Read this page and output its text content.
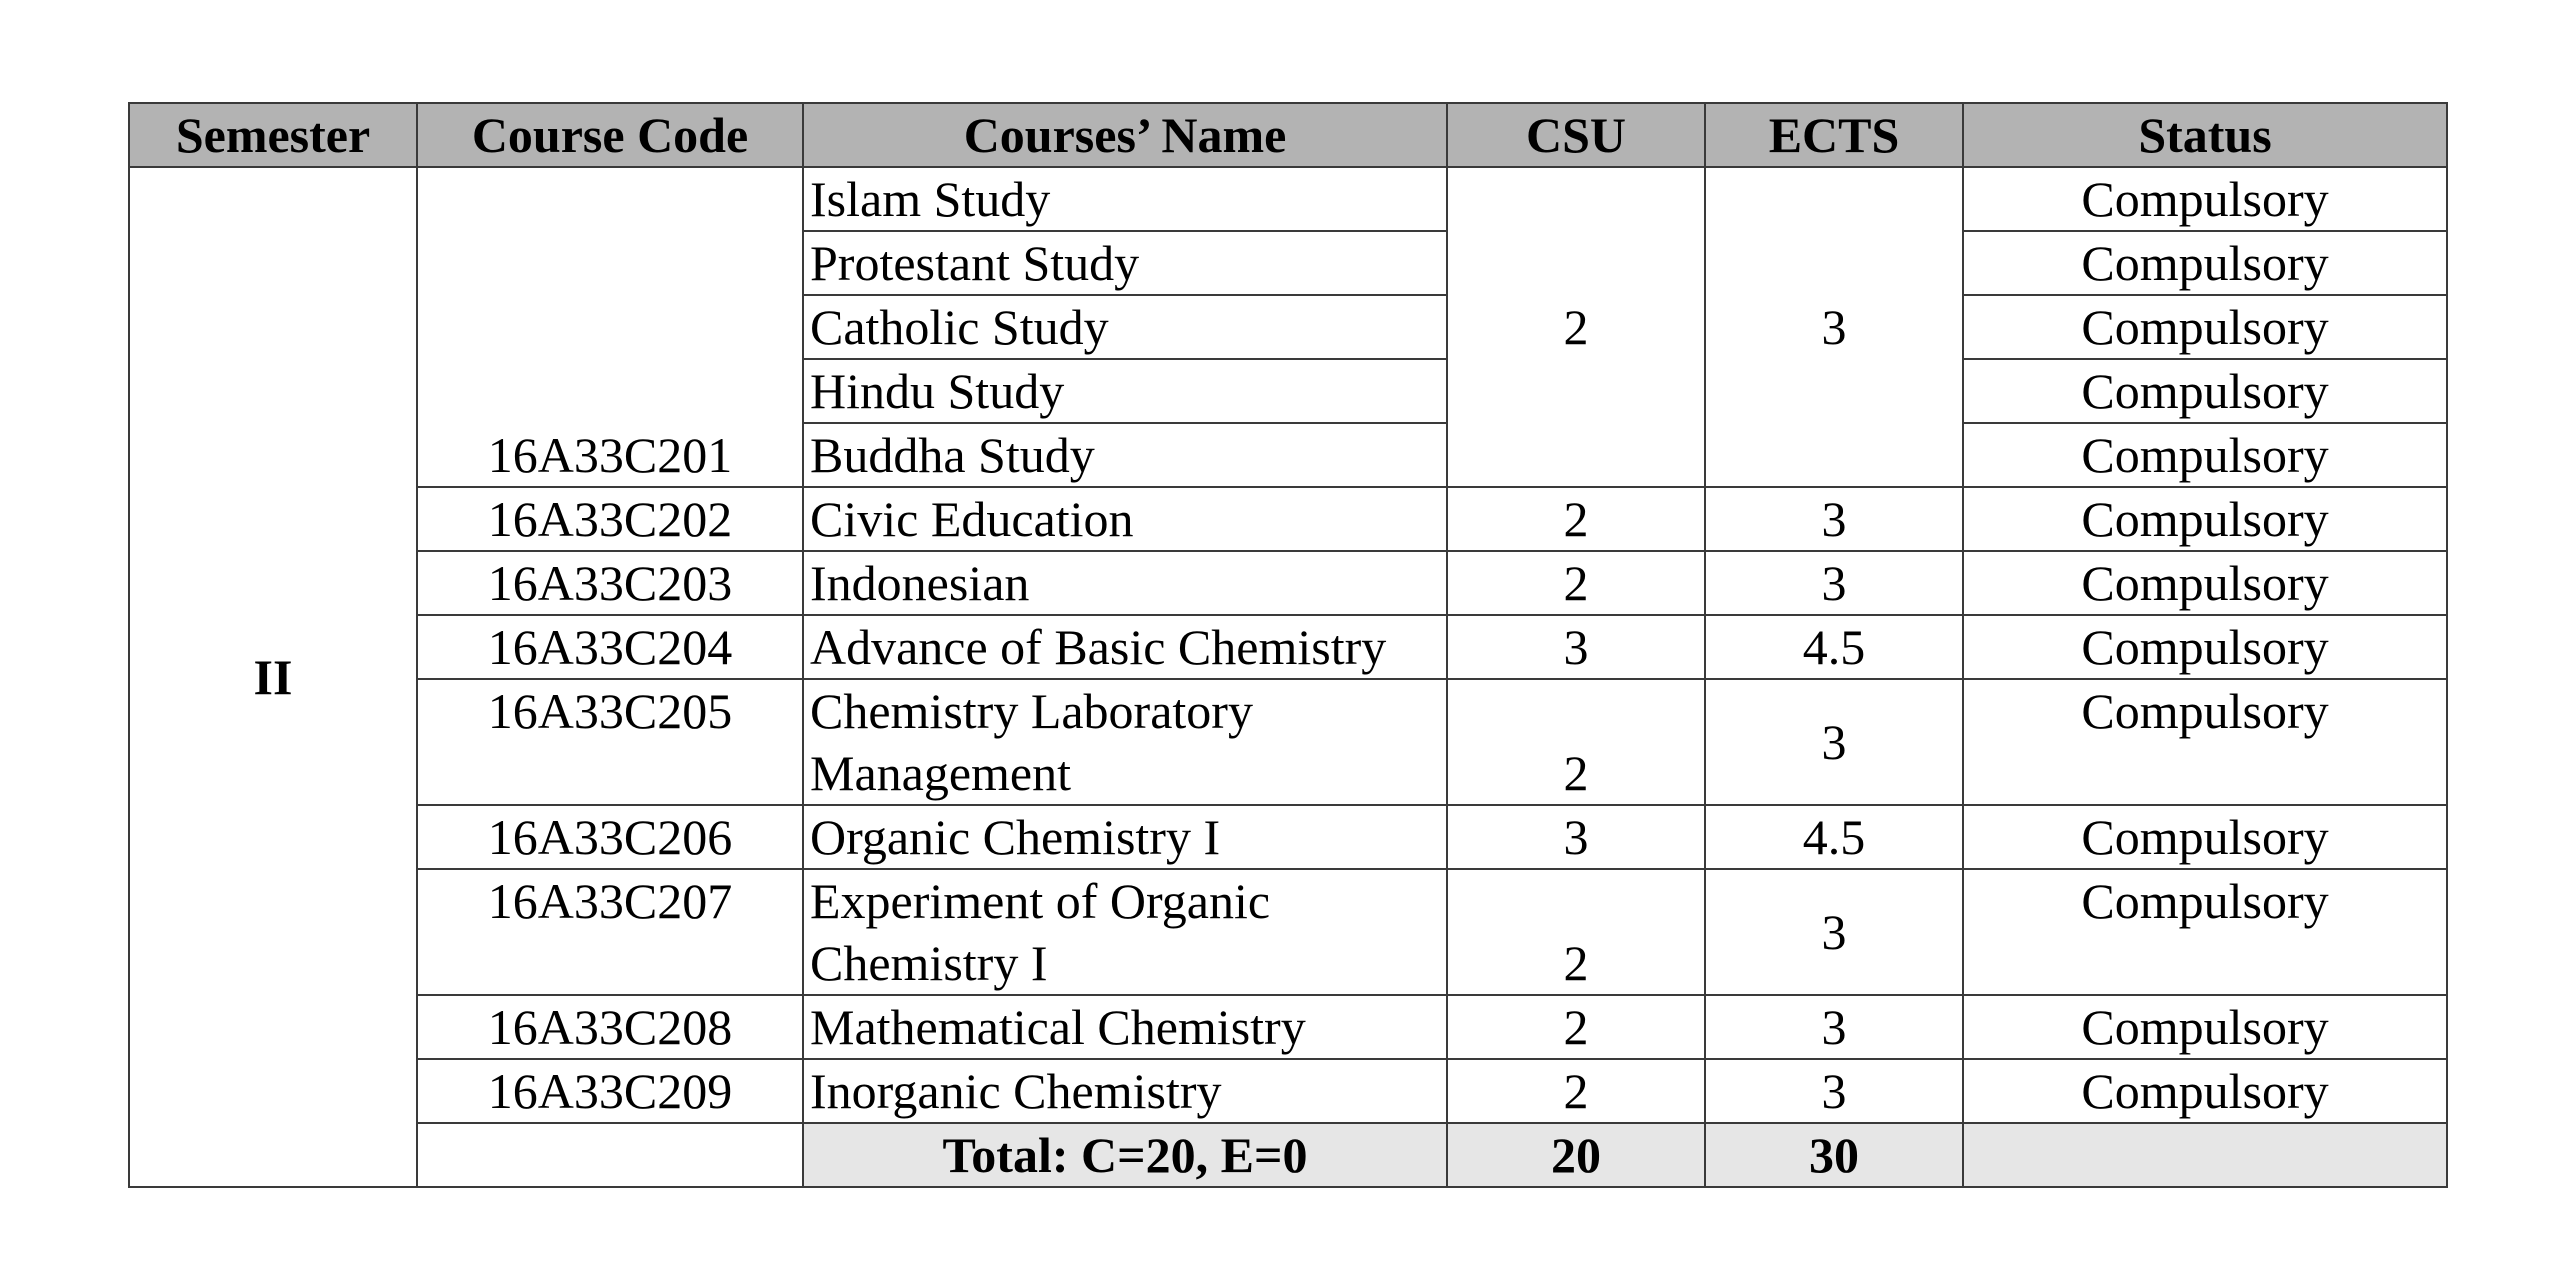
Semester	Course Code	Courses’ Name	CSU	ECTS	Status
II	16A33C201	Islam Study	2	3	Compulsory
		Protestant Study			Compulsory
		Catholic Study			Compulsory
		Hindu Study			Compulsory
		Buddha Study			Compulsory
	16A33C202	Civic Education	2	3	Compulsory
	16A33C203	Indonesian	2	3	Compulsory
	16A33C204	Advance of Basic Chemistry	3	4.5	Compulsory
	16A33C205	Chemistry Laboratory Management	2	3	Compulsory
	16A33C206	Organic Chemistry I	3	4.5	Compulsory
	16A33C207	Experiment of Organic Chemistry I	2	3	Compulsory
	16A33C208	Mathematical Chemistry	2	3	Compulsory
	16A33C209	Inorganic Chemistry	2	3	Compulsory
		Total: C=20, E=0	20	30	
